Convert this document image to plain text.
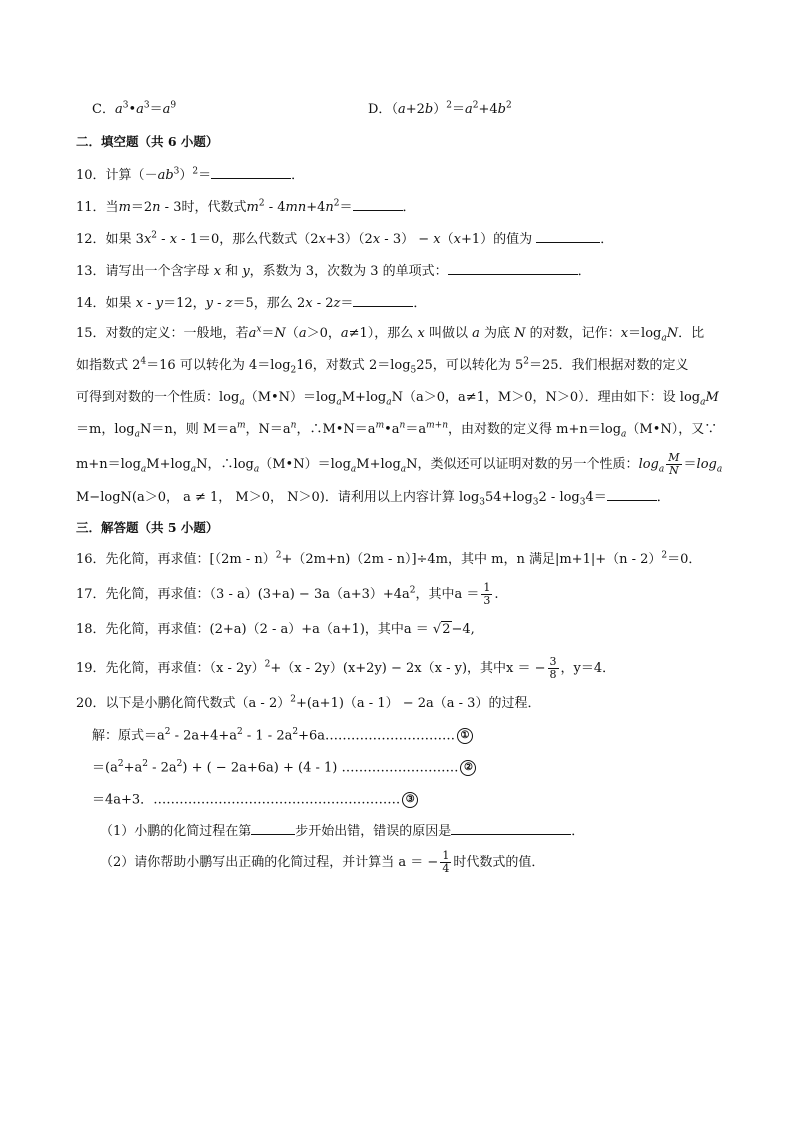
C．$a^3•a^3=a^9$	D．$(a+2b)^2=a^2+4b^2$
二．填空题（共 6 小题）
10．计算$(-ab^3)^2=$	．
11．当m＝2n - 3时，代数式$m^2 - 4mn+4n^2=$	．
12．如果 $3x^2 - x - 1=0$，那么代数式（2x+3）（2x - 3） − x（x+1）的值为	．
13．请写出一个含字母 x 和 y，系数为 3，次数为 3 的单项式：	．
14．如果 x - y＝12，y - z＝5，那么 2x - 2z＝	．
15．对数的定义：一般地，若$a^x=N(a>0$，a≠1），那么 x 叫做以 a 为底 N 的对数，记作：$x=\log_aN$．比
如指数式 $2^4=16$ 可以转化为 $4=\log_216$，对数式 $2=\log_525$，可以转化为 $5^2=25$．我们根据对数的定义
可得到对数的一个性质：$\log_a(M•N)=\log_aM+\log_aN(a>0$，a≠1，M＞0，N＞0）．理由如下：设 $\log_aM$
＝m，$\log_aN=n$，则 $M=a^m$，$N=a^n$，$\therefore M•N=a^m•a^n=a^{m+n}$，由对数的定义得 $m+n=\log_a(M•N)$，又∵
$m+n=\log_aM+\log_aN$，$\therefore\log_a(M•N)=\log_aM+\log_aN$，类似还可以证明对数的另一个性质：$\log_a \frac{M}{N} =\log_a$
M−logN(a＞0， a ≠ 1， M＞0， N＞0)．请利用以上内容计算 $\log_354+\log_32 - \log_34=$	．
三．解答题（共 5 小题）
16．先化简，再求值：[（2m - n）$^2$+（2m+n)（2m - n）]÷4m，其中 m，n 满足|m+1|+（n - 2）$^2$＝0．
17．先化简，再求值：$(3 - a)(3+a) - 3a(a+3)+4a^2$，其中$a = \frac{1}{3}$ .
18．先化简，再求值：(2+a)（2 - a）+a（a+1)，其中a ＝ √2−4,
19．先化简，再求值：（x - 2y）$^2$+（x - 2y）(x+2y) − 2x（x - y)，其中x ＝ − $\frac{3}{8}$ ，y＝4．
20．以下是小鹏化简代数式（a - 2）$^2$+(a+1)（a - 1） − 2a（a - 3）的过程．
解：原式$=a^2 - 2a+4+a^2 - 1$ - $2a^2+6a\dots\dots\dots\dots\dots\dots\dots\dots\dots\dots$ ①
$=(a^2+a^2 - 2a^2)$ + ( − 2a+6a) + (4 - 1) ……………………… ②
＝4a+3．………………………………………………… ③
（1）小鹏的化简过程在第	步开始出错，错误的原因是	．
（2）请你帮助小鹏写出正确的化简过程，并计算当 a ＝ − $\frac{1}{4}$ 时代数式的值．
